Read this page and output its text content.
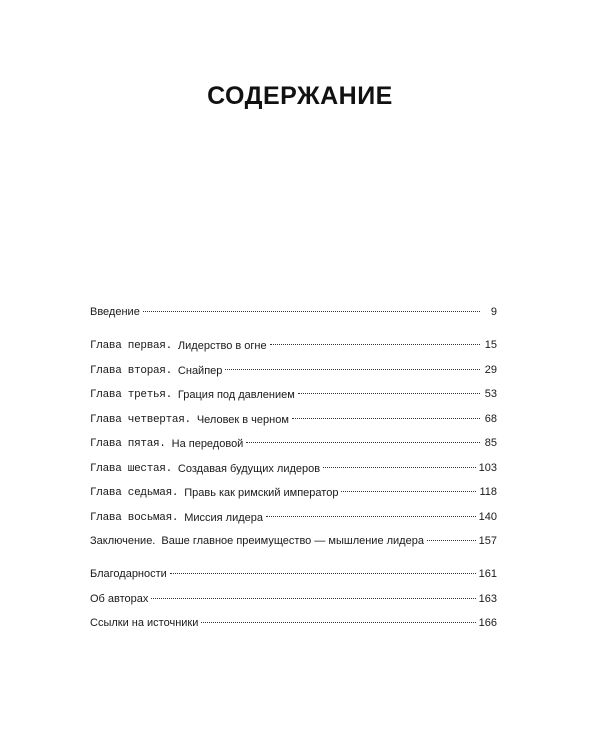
СОДЕРЖАНИЕ
Введение	9
Глава первая. Лидерство в огне	15
Глава вторая. Снайпер	29
Глава третья. Грация под давлением	53
Глава четвертая. Человек в черном	68
Глава пятая. На передовой	85
Глава шестая. Создавая будущих лидеров	103
Глава седьмая. Правь как римский император	118
Глава восьмая. Миссия лидера	140
Заключение. Ваше главное преимущество — мышление лидера	157
Благодарности	161
Об авторах	163
Ссылки на источники	166
